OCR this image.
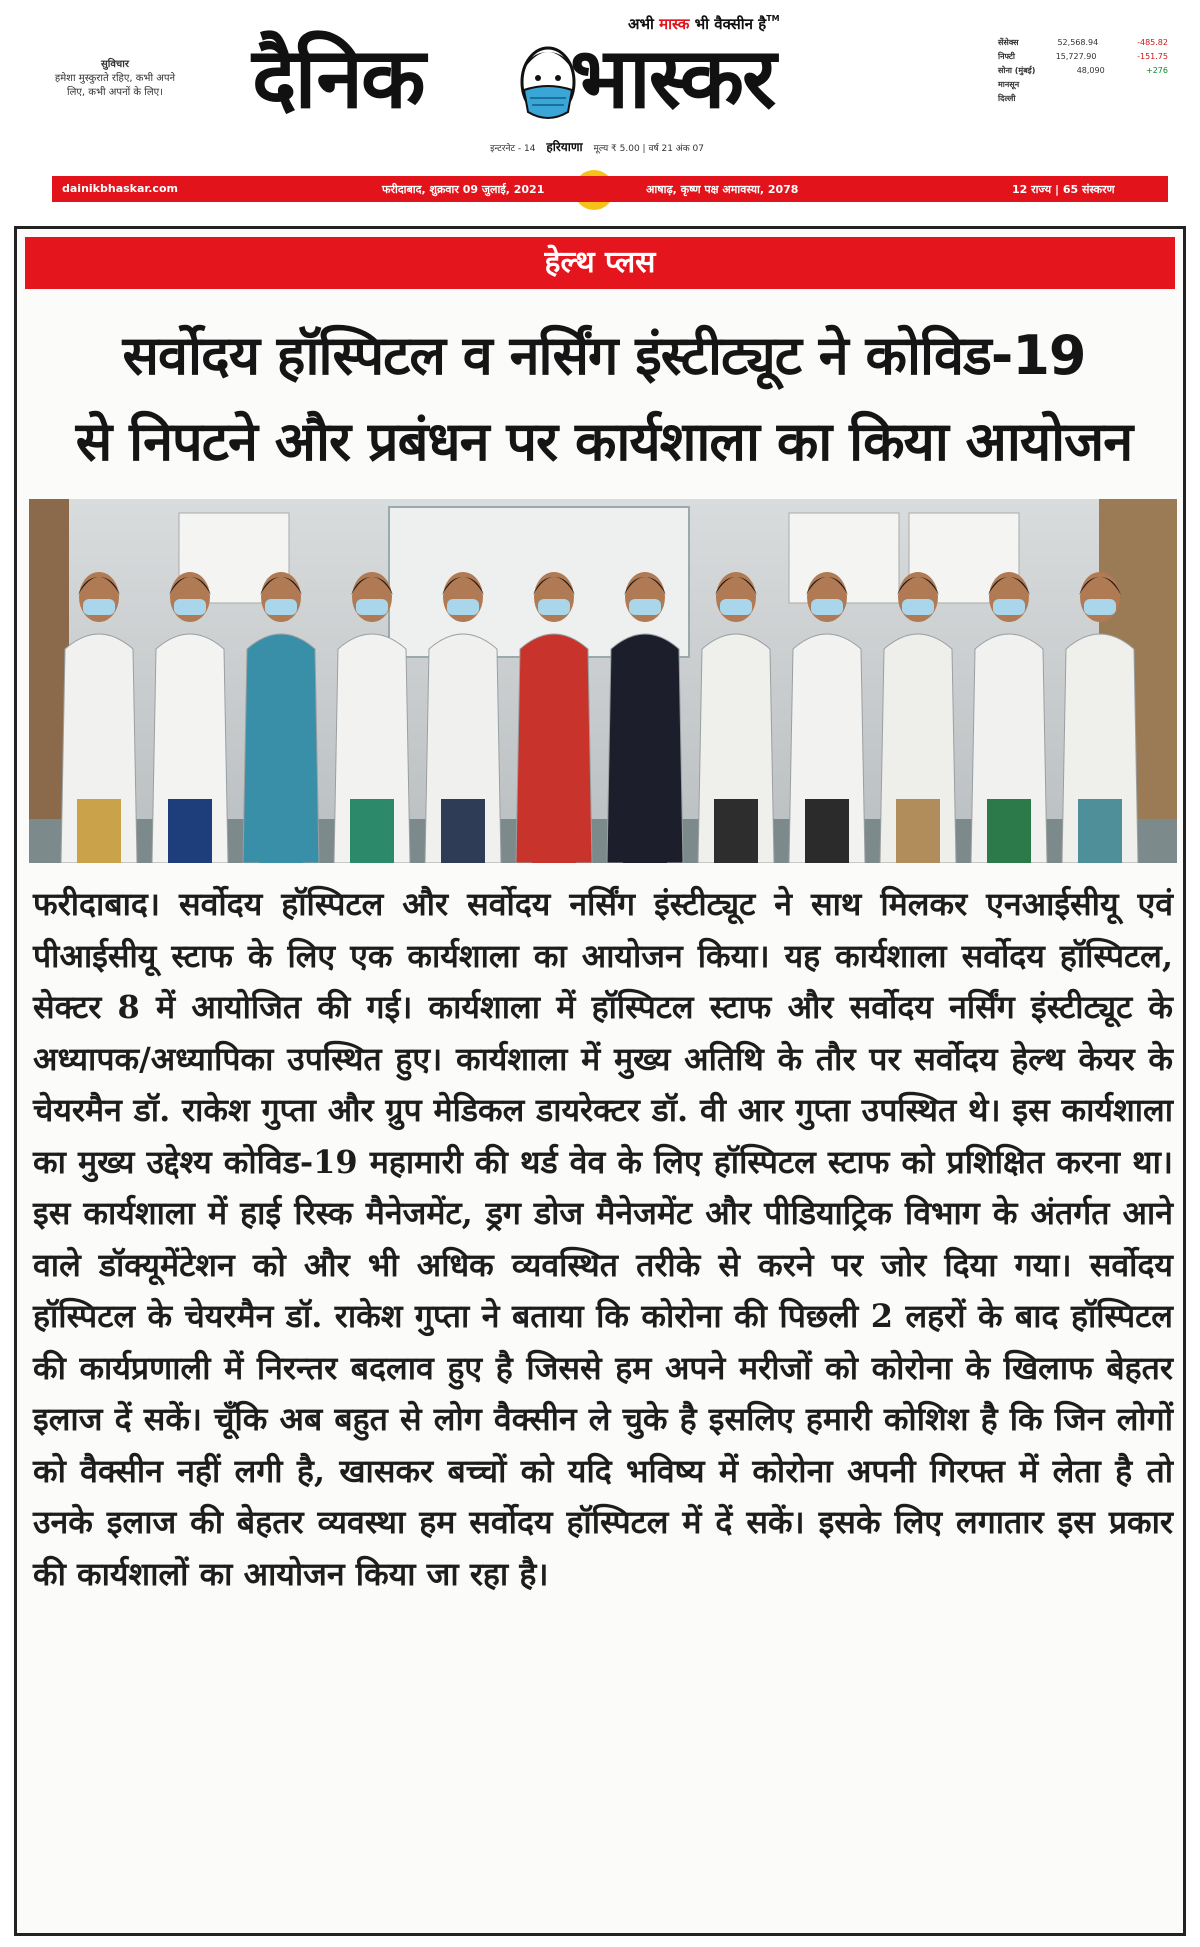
सुविचार
हमेशा मुस्कुराते रहिए, कभी अपने लिए, कभी अपनों के लिए।
अभी मास्क भी वैक्सीन है™
दैनिक भास्कर
इन्टरनेट - 14 हरियाणा मूल्य ₹ 5.00 | वर्ष 21 अंक 07
सेंसेक्स	52,568.94	-485.82
निफ्टी	15,727.90	-151.75
सोना (मुंबई)	48,090	+276
मानसून
दिल्ली
dainikbhaskar.com	फरीदाबाद, शुक्रवार 09 जुलाई, 2021	आषाढ़, कृष्ण पक्ष अमावस्या, 2078	12 राज्य | 65 संस्करण
हेल्थ प्लस
सर्वोदय हॉस्पिटल व नर्सिंग इंस्टीट्यूट ने कोविड-19
से निपटने और प्रबंधन पर कार्यशाला का किया आयोजन
फरीदाबाद। सर्वोदय हॉस्पिटल और सर्वोदय नर्सिंग इंस्टीट्यूट ने साथ मिलकर एनआईसीयू एवं पीआईसीयू स्टाफ के लिए एक कार्यशाला का आयोजन किया। यह कार्यशाला सर्वोदय हॉस्पिटल, सेक्टर 8 में आयोजित की गई। कार्यशाला में हॉस्पिटल स्टाफ और सर्वोदय नर्सिंग इंस्टीट्यूट के अध्यापक/अध्यापिका उपस्थित हुए। कार्यशाला में मुख्य अतिथि के तौर पर सर्वोदय हेल्थ केयर के चेयरमैन डॉ. राकेश गुप्ता और ग्रुप मेडिकल डायरेक्टर डॉ. वी आर गुप्ता उपस्थित थे। इस कार्यशाला का मुख्य उद्देश्य कोविड-19 महामारी की थर्ड वेव के लिए हॉस्पिटल स्टाफ को प्रशिक्षित करना था। इस कार्यशाला में हाई रिस्क मैनेजमेंट, ड्रग डोज मैनेजमेंट और पीडियाट्रिक विभाग के अंतर्गत आने वाले डॉक्यूमेंटेशन को और भी अधिक व्यवस्थित तरीके से करने पर जोर दिया गया। सर्वोदय हॉस्पिटल के चेयरमैन डॉ. राकेश गुप्ता ने बताया कि कोरोना की पिछली 2 लहरों के बाद हॉस्पिटल की कार्यप्रणाली में निरन्तर बदलाव हुए है जिससे हम अपने मरीजों को कोरोना के खिलाफ बेहतर इलाज दें सकें। चूँकि अब बहुत से लोग वैक्सीन ले चुके है इसलिए हमारी कोशिश है कि जिन लोगों को वैक्सीन नहीं लगी है, खासकर बच्चों को यदि भविष्य में कोरोना अपनी गिरफ्त में लेता है तो उनके इलाज की बेहतर व्यवस्था हम सर्वोदय हॉस्पिटल में दें सकें। इसके लिए लगातार इस प्रकार की कार्यशालों का आयोजन किया जा रहा है।
